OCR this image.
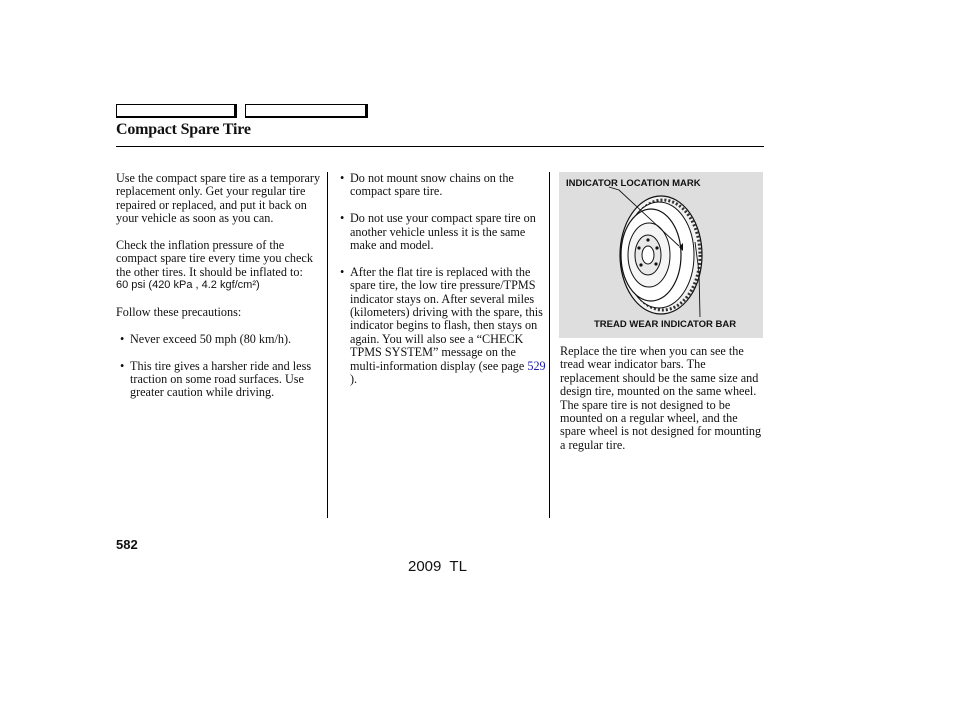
Compact Spare Tire

Use the compact spare tire as a temporary replacement only. Get your regular tire repaired or replaced, and put it back on your vehicle as soon as you can.

Check the inflation pressure of the compact spare tire every time you check the other tires. It should be inflated to:

60 psi (420 kPa , 4.2 kgf/cm²)

Follow these precautions:

• Never exceed 50 mph (80 km/h).
• This tire gives a harsher ride and less traction on some road surfaces. Use greater caution while driving.
• Do not mount snow chains on the compact spare tire.
• Do not use your compact spare tire on another vehicle unless it is the same make and model.
• After the flat tire is replaced with the spare tire, the low tire pressure/TPMS indicator stays on. After several miles (kilometers) driving with the spare, this indicator begins to flash, then stays on again. You will also see a “CHECK TPMS SYSTEM” message on the multi-information display (see page 529 ).
INDICATOR LOCATION MARK
TREAD WEAR INDICATOR BAR

Replace the tire when you can see the tread wear indicator bars. The replacement should be the same size and design tire, mounted on the same wheel. The spare tire is not designed to be mounted on a regular wheel, and the spare wheel is not designed for mounting a regular tire.

582
2009  TL
